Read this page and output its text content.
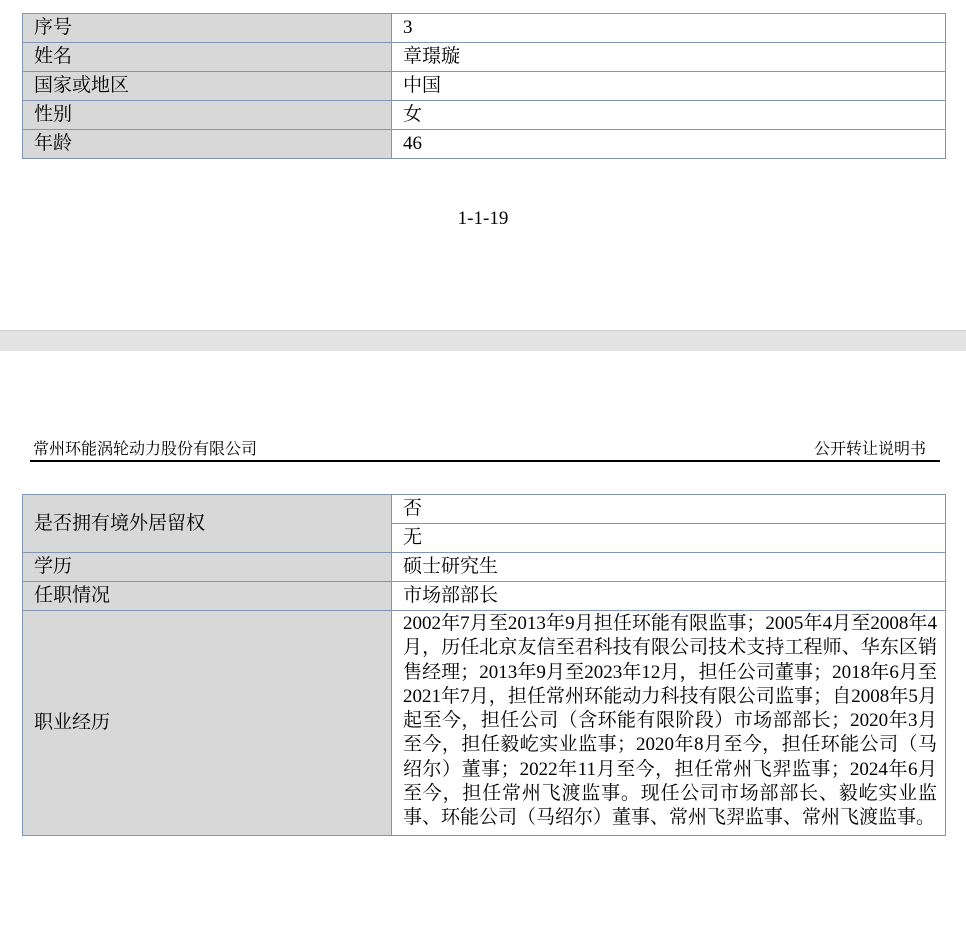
序号	3
姓名	章璟璇
国家或地区	中国
性别	女
年龄	46
1-1-19
常州环能涡轮动力股份有限公司	公开转让说明书
是否拥有境外居留权	否
	无
学历	硕士研究生
任职情况	市场部部长
职业经历	2002年7月至2013年9月担任环能有限监事；2005年4月至2008年4月，历任北京友信至君科技有限公司技术支持工程师、华东区销售经理；2013年9月至2023年12月，担任公司董事；2018年6月至2021年7月，担任常州环能动力科技有限公司监事；自2008年5月起至今，担任公司（含环能有限阶段）市场部部长；2020年3月至今，担任毅屹实业监事；2020年8月至今，担任环能公司（马绍尔）董事；2022年11月至今，担任常州飞羿监事；2024年6月至今，担任常州飞渡监事。现任公司市场部部长、毅屹实业监事、环能公司（马绍尔）董事、常州飞羿监事、常州飞渡监事。
